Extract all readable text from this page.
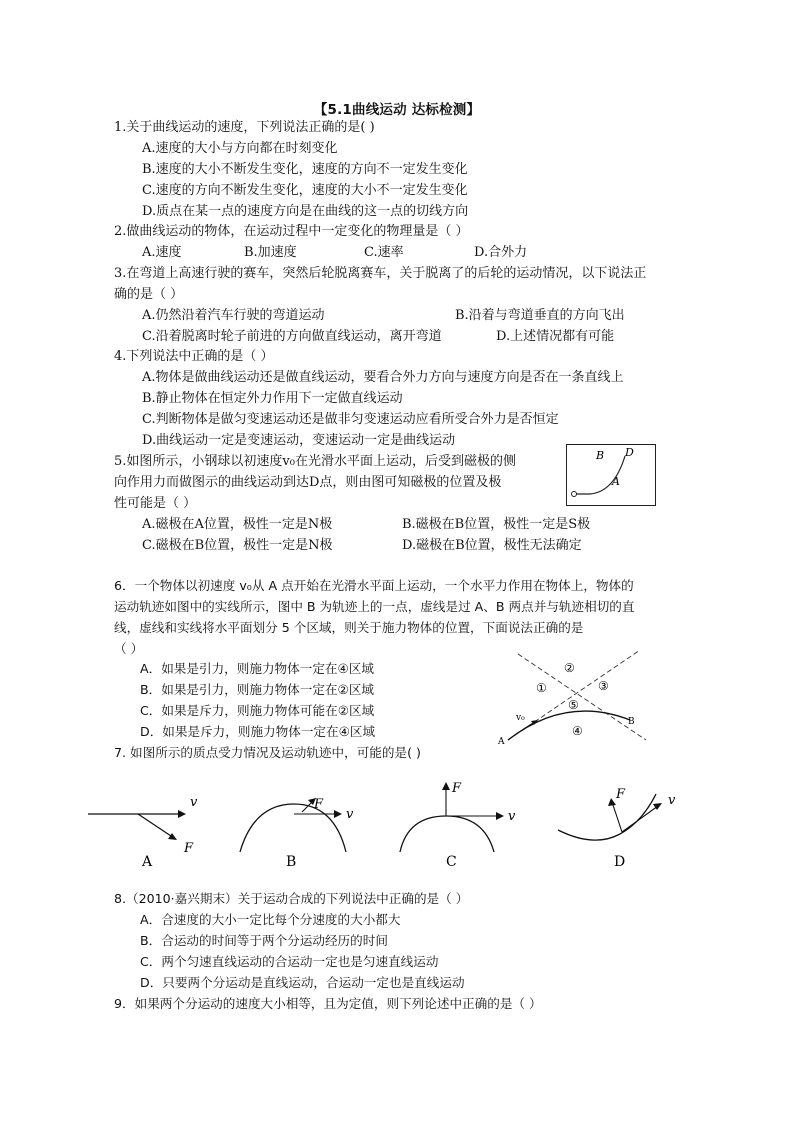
【5.1曲线运动 达标检测】
1.关于曲线运动的速度，下列说法正确的是( )
A.速度的大小与方向都在时刻变化
B.速度的大小不断发生变化，速度的方向不一定发生变化
C.速度的方向不断发生变化，速度的大小不一定发生变化
D.质点在某一点的速度方向是在曲线的这一点的切线方向
2.做曲线运动的物体，在运动过程中一定变化的物理量是（ ）
A.速度	B.加速度	C.速率	D.合外力
3.在弯道上高速行驶的赛车，突然后轮脱离赛车，关于脱离了的后轮的运动情况，以下说法正
确的是（ ）
A.仍然沿着汽车行驶的弯道运动	B.沿着与弯道垂直的方向飞出
C.沿着脱离时轮子前进的方向做直线运动，离开弯道	D.上述情况都有可能
4.下列说法中正确的是（ ）
A.物体是做曲线运动还是做直线运动，要看合外力方向与速度方向是否在一条直线上
B.静止物体在恒定外力作用下一定做直线运动
C.判断物体是做匀变速运动还是做非匀变速运动应看所受合外力是否恒定
D.曲线运动一定是变速运动，变速运动一定是曲线运动
5.如图所示，小钢球以初速度v₀在光滑水平面上运动，后受到磁极的侧
向作用力而做图示的曲线运动到达D点，则由图可知磁极的位置及极
性可能是（ ）
A.磁极在A位置，极性一定是N极	B.磁极在B位置，极性一定是S极
C.磁极在B位置，极性一定是N极	D.磁极在B位置，极性无法确定
B D
A
6．一个物体以初速度 v₀从 A 点开始在光滑水平面上运动，一个水平力作用在物体上，物体的
运动轨迹如图中的实线所示，图中 B 为轨迹上的一点，虚线是过 A、B 两点并与轨迹相切的直
线，虚线和实线将水平面划分 5 个区域，则关于施力物体的位置，下面说法正确的是
（ ）
A．如果是引力，则施力物体一定在④区域
B．如果是引力，则施力物体一定在②区域
C．如果是斥力，则施力物体可能在②区域
D．如果是斥力，则施力物体一定在④区域
②
①	③
⑤
④
v₀
A
B
7. 如图所示的质点受力情况及运动轨迹中，可能的是( )
v
F
A
v
F
B
v
F
C
v
F
D
8.（2010·嘉兴期末）关于运动合成的下列说法中正确的是（ ）
A．合速度的大小一定比每个分速度的大小都大
B．合运动的时间等于两个分运动经历的时间
C．两个匀速直线运动的合运动一定也是匀速直线运动
D．只要两个分运动是直线运动，合运动一定也是直线运动
9．如果两个分运动的速度大小相等，且为定值，则下列论述中正确的是（ ）
